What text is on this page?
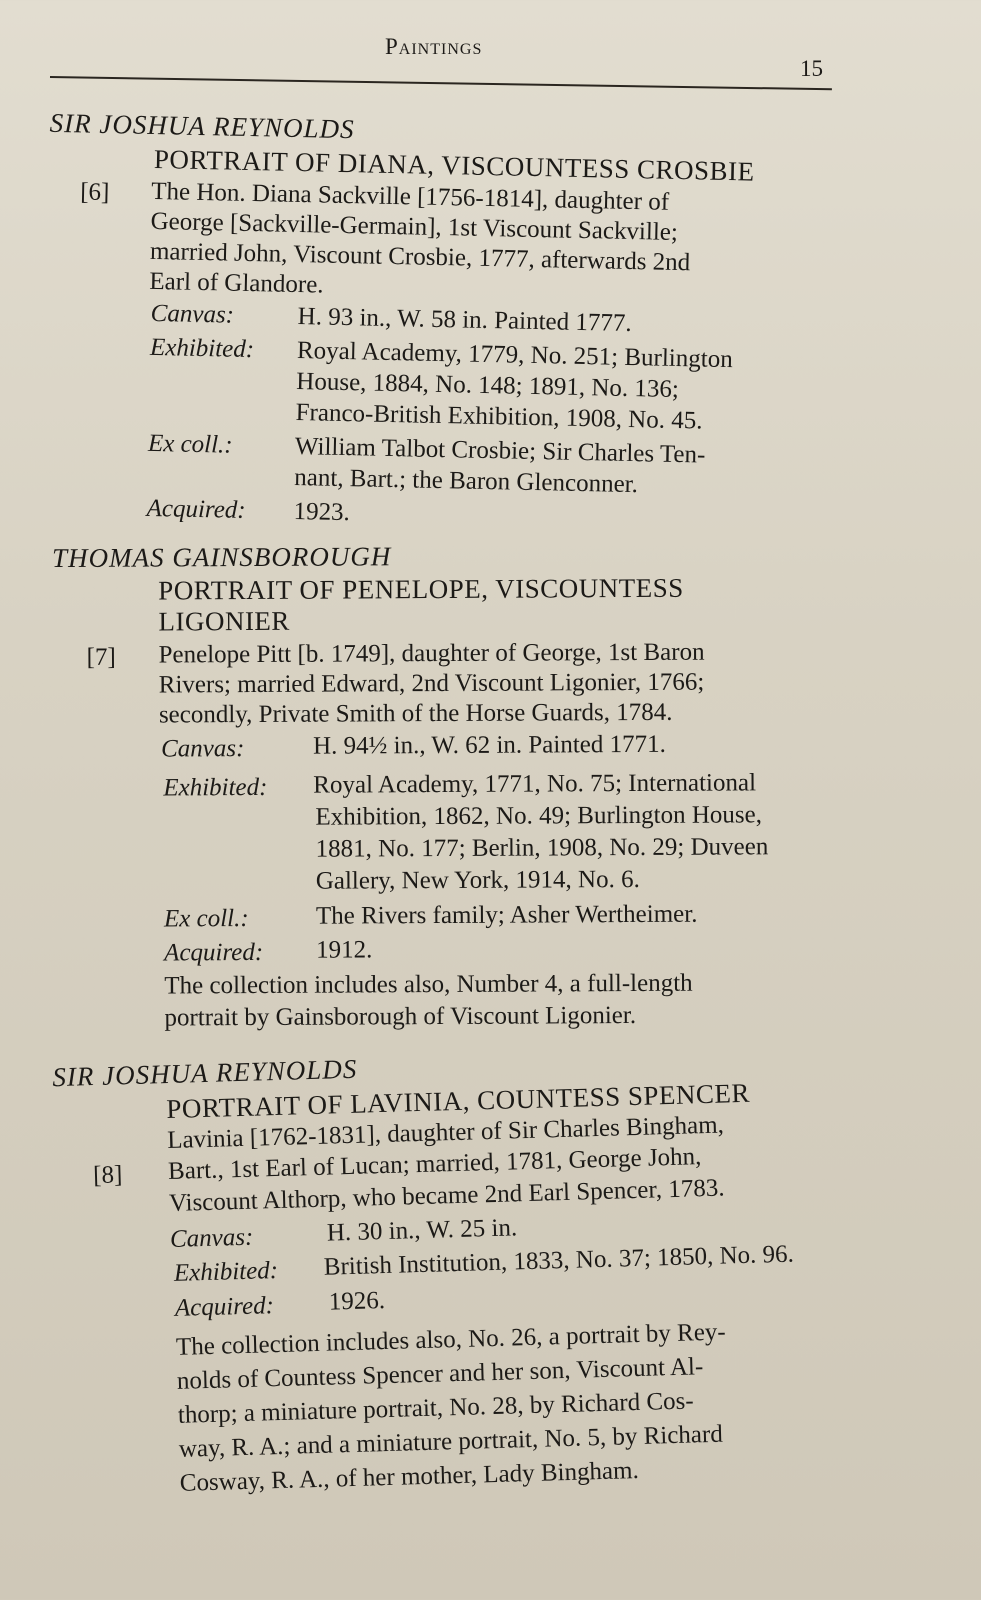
Paintings
15
SIR JOSHUA REYNOLDS
PORTRAIT OF DIANA, VISCOUNTESS CROSBIE
[6] The Hon. Diana Sackville [1756-1814], daughter of
George [Sackville-Germain], 1st Viscount Sackville;
married John, Viscount Crosbie, 1777, afterwards 2nd
Earl of Glandore.
Canvas:	H. 93 in., W. 58 in. Painted 1777.
Exhibited: Royal Academy, 1779, No. 251; Burlington
House, 1884, No. 148; 1891, No. 136;
Franco-British Exhibition, 1908, No. 45.
Ex coll.: William Talbot Crosbie; Sir Charles Ten-
nant, Bart.; the Baron Glenconner.
Acquired: 1923.
THOMAS GAINSBOROUGH
PORTRAIT OF PENELOPE, VISCOUNTESS
LIGONIER
[7] Penelope Pitt [b. 1749], daughter of George, 1st Baron
Rivers; married Edward, 2nd Viscount Ligonier, 1766;
secondly, Private Smith of the Horse Guards, 1784.
Canvas:	H. 94½ in., W. 62 in. Painted 1771.
Exhibited: Royal Academy, 1771, No. 75; International
Exhibition, 1862, No. 49; Burlington House,
1881, No. 177; Berlin, 1908, No. 29; Duveen
Gallery, New York, 1914, No. 6.
Ex coll.:	The Rivers family; Asher Wertheimer.
Acquired: 1912.
The collection includes also, Number 4, a full-length
portrait by Gainsborough of Viscount Ligonier.
SIR JOSHUA REYNOLDS
PORTRAIT OF LAVINIA, COUNTESS SPENCER
Lavinia [1762-1831], daughter of Sir Charles Bingham,
[8] Bart., 1st Earl of Lucan; married, 1781, George John,
Viscount Althorp, who became 2nd Earl Spencer, 1783.
Canvas:	H. 30 in., W. 25 in.
Exhibited: British Institution, 1833, No. 37; 1850, No. 96.
Acquired: 1926.
The collection includes also, No. 26, a portrait by Rey-
nolds of Countess Spencer and her son, Viscount Al-
thorp; a miniature portrait, No. 28, by Richard Cos-
way, R. A.; and a miniature portrait, No. 5, by Richard
Cosway, R. A., of her mother, Lady Bingham.
